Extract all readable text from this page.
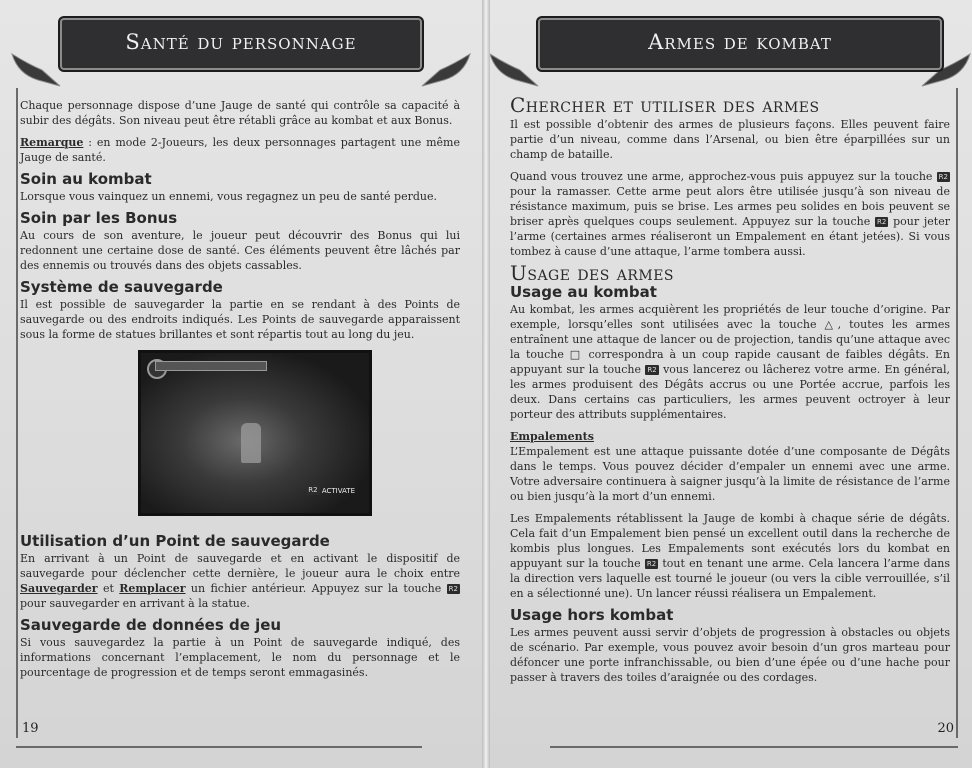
Santé du personnage

Chaque personnage dispose d’une Jauge de santé qui contrôle sa capacité à subir des dégâts. Son niveau peut être rétabli grâce au kombat et aux Bonus.

Remarque : en mode 2-Joueurs, les deux personnages partagent une même Jauge de santé.

Soin au kombat

Lorsque vous vainquez un ennemi, vous regagnez un peu de santé perdue.

Soin par les Bonus

Au cours de son aventure, le joueur peut découvrir des Bonus qui lui redonnent une certaine dose de santé. Ces éléments peuvent être lâchés par des ennemis ou trouvés dans des objets cassables.

Système de sauvegarde

Il est possible de sauvegarder la partie en se rendant à des Points de sauvegarde ou des endroits indiqués. Les Points de sauvegarde apparaissent sous la forme de statues brillantes et sont répartis tout au long du jeu.

R2 ACTIVATE
Utilisation d’un Point de sauvegarde

En arrivant à un Point de sauvegarde et en activant le dispositif de sauvegarde pour déclencher cette dernière, le joueur aura le choix entre Sauvegarder et Remplacer un fichier antérieur. Appuyez sur la touche R2 pour sauvegarder en arrivant à la statue.

Sauvegarde de données de jeu

Si vous sauvegardez la partie à un Point de sauvegarde indiqué, des informations concernant l’emplacement, le nom du personnage et le pourcentage de progression et de temps seront emmagasinés.

19
Armes de kombat
Chercher et utiliser des armes

Il est possible d’obtenir des armes de plusieurs façons. Elles peuvent faire partie d’un niveau, comme dans l’Arsenal, ou bien être éparpillées sur un champ de bataille.

Quand vous trouvez une arme, approchez-vous puis appuyez sur la touche R2 pour la ramasser. Cette arme peut alors être utilisée jusqu’à son niveau de résistance maximum, puis se brise. Les armes peu solides en bois peuvent se briser après quelques coups seulement. Appuyez sur la touche R2 pour jeter l’arme (certaines armes réaliseront un Empalement en étant jetées). Si vous tombez à cause d’une attaque, l’arme tombera aussi.

Usage des armes
Usage au kombat

Au kombat, les armes acquièrent les propriétés de leur touche d’origine. Par exemple, lorsqu’elles sont utilisées avec la touche △, toutes les armes entraînent une attaque de lancer ou de projection, tandis qu’une attaque avec la touche □ correspondra à un coup rapide causant de faibles dégâts. En appuyant sur la touche R2 vous lancerez ou lâcherez votre arme. En général, les armes produisent des Dégâts accrus ou une Portée accrue, parfois les deux. Dans certains cas particuliers, les armes peuvent octroyer à leur porteur des attributs supplémentaires.

Empalements

L’Empalement est une attaque puissante dotée d’une composante de Dégâts dans le temps. Vous pouvez décider d’empaler un ennemi avec une arme. Votre adversaire continuera à saigner jusqu’à la limite de résistance de l’arme ou bien jusqu’à la mort d’un ennemi.

Les Empalements rétablissent la Jauge de kombi à chaque série de dégâts. Cela fait d’un Empalement bien pensé un excellent outil dans la recherche de kombis plus longues. Les Empalements sont exécutés lors du kombat en appuyant sur la touche R2 tout en tenant une arme. Cela lancera l’arme dans la direction vers laquelle est tourné le joueur (ou vers la cible verrouillée, s’il en a sélectionné une). Un lancer réussi réalisera un Empalement.

Usage hors kombat

Les armes peuvent aussi servir d’objets de progression à obstacles ou objets de scénario. Par exemple, vous pouvez avoir besoin d’un gros marteau pour défoncer une porte infranchissable, ou bien d’une épée ou d’une hache pour passer à travers des toiles d’araignée ou des cordages.

20
